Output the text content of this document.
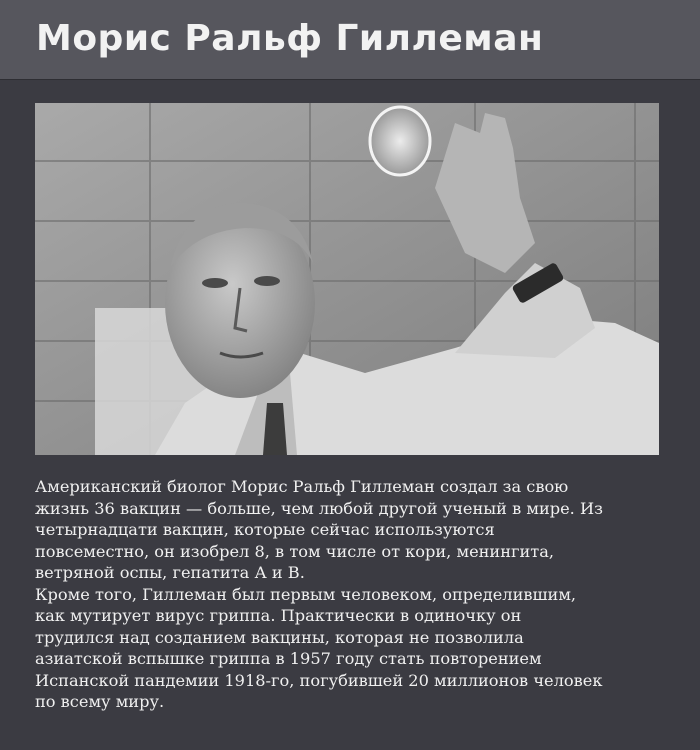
Морис Ральф Гиллеман
Американский биолог Морис Ральф Гиллеман создал за свою
жизнь 36 вакцин — больше, чем любой другой ученый в мире. Из
четырнадцати вакцин, которые сейчас используются
повсеместно, он изобрел 8, в том числе от кори, менингита,
ветряной оспы, гепатита А и В.
Кроме того, Гиллеман был первым человеком, определившим,
как мутирует вирус гриппа. Практически в одиночку он
трудился над созданием вакцины, которая не позволила
азиатской вспышке гриппа в 1957 году стать повторением
Испанской пандемии 1918-го, погубившей 20 миллионов человек
по всему миру.
